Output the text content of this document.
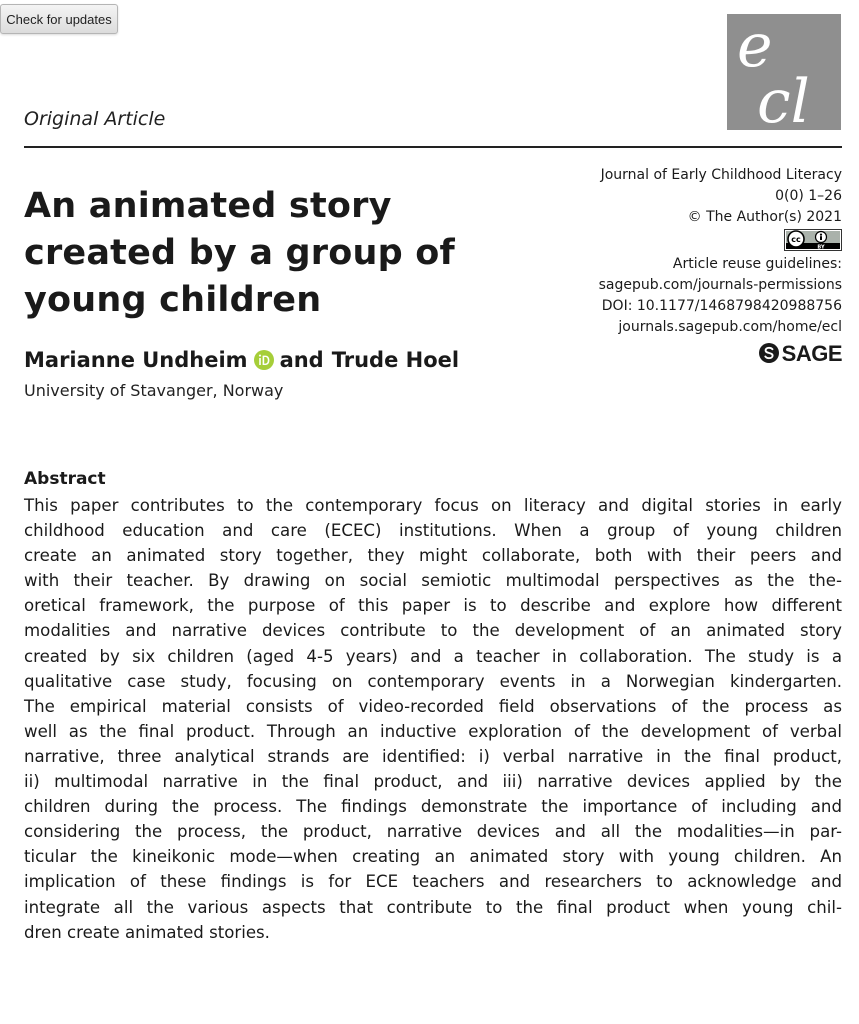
Check for updates	e
cl
Original Article
An animated story created by a group of young children
Journal of Early Childhood Literacy
0(0) 1–26
© The Author(s) 2021
cc
BY
Article reuse guidelines:
sagepub.com/journals-permissions
DOI: 10.1177/1468798420988756
journals.sagepub.com/home/ecl
SAGE
Marianne Undheim and Trude Hoel
University of Stavanger, Norway
Abstract
This paper contributes to the contemporary focus on literacy and digital stories in early
childhood education and care (ECEC) institutions. When a group of young children
create an animated story together, they might collaborate, both with their peers and
with their teacher. By drawing on social semiotic multimodal perspectives as the the-
oretical framework, the purpose of this paper is to describe and explore how different
modalities and narrative devices contribute to the development of an animated story
created by six children (aged 4-5 years) and a teacher in collaboration. The study is a
qualitative case study, focusing on contemporary events in a Norwegian kindergarten.
The empirical material consists of video-recorded field observations of the process as
well as the final product. Through an inductive exploration of the development of verbal
narrative, three analytical strands are identified: i) verbal narrative in the final product,
ii) multimodal narrative in the final product, and iii) narrative devices applied by the
children during the process. The findings demonstrate the importance of including and
considering the process, the product, narrative devices and all the modalities—in par-
ticular the kineikonic mode—when creating an animated story with young children. An
implication of these findings is for ECE teachers and researchers to acknowledge and
integrate all the various aspects that contribute to the final product when young chil-
dren create animated stories.
